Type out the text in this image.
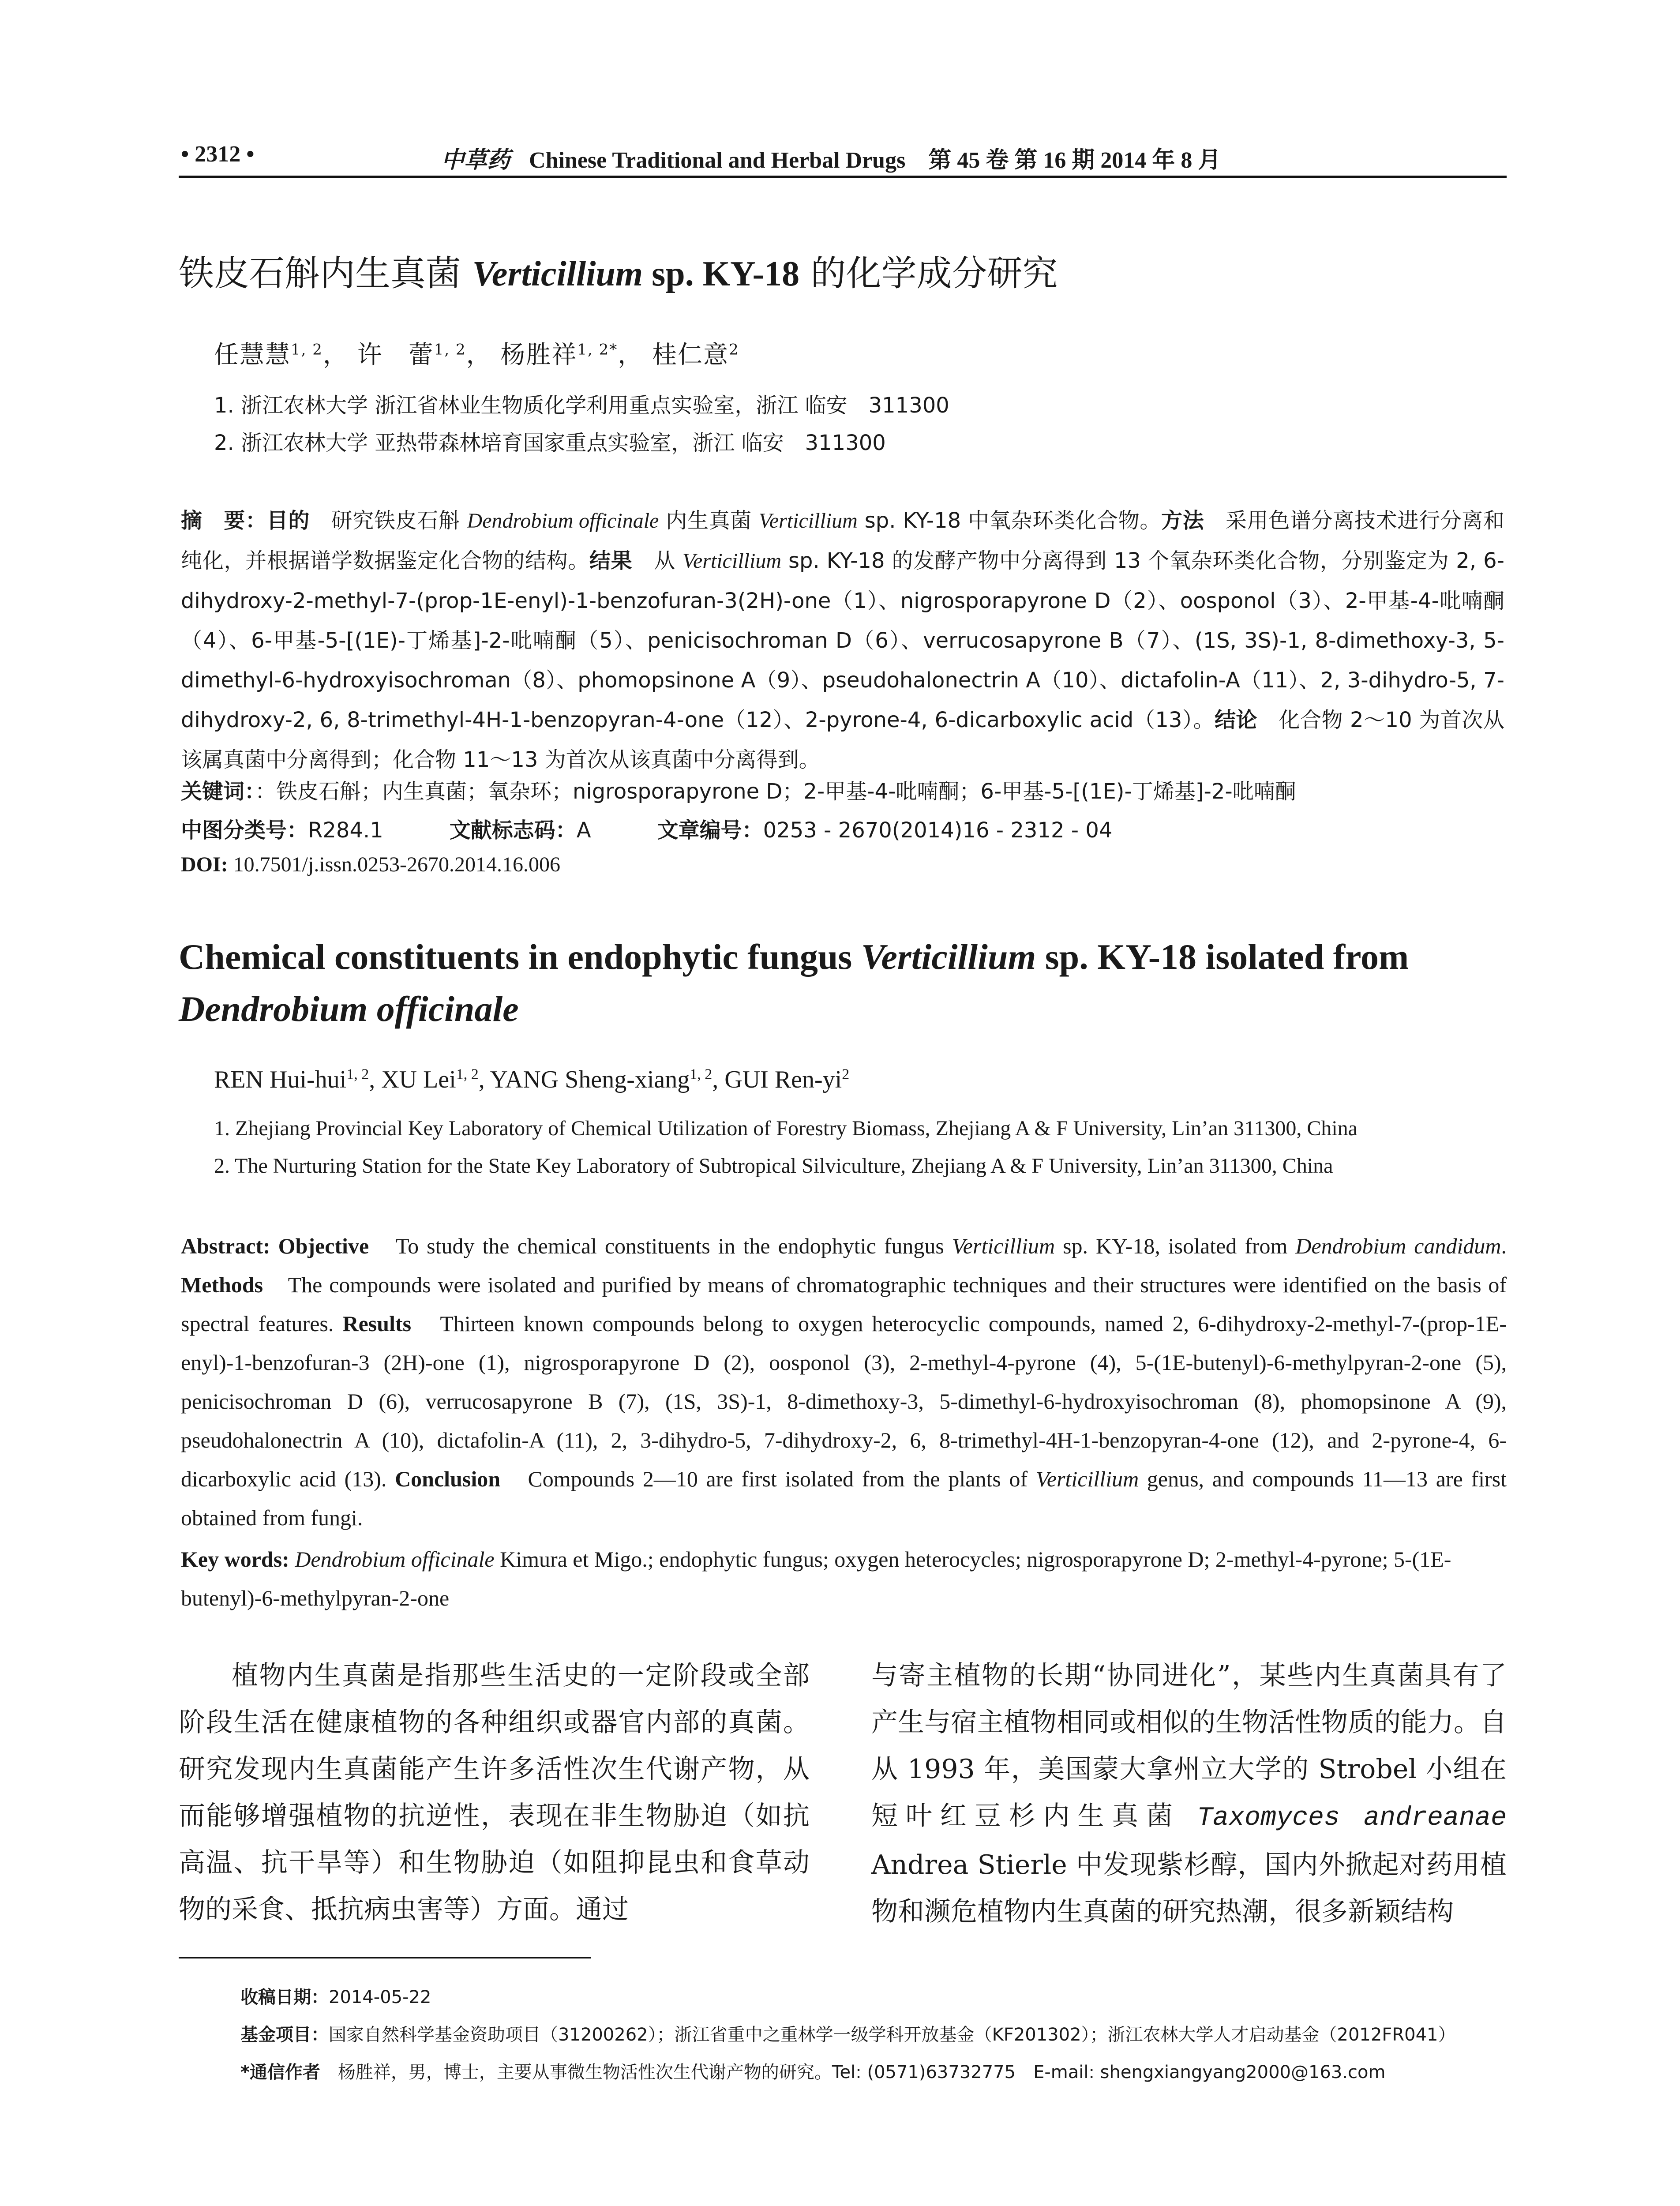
• 2312 •	中草药 Chinese Traditional and Herbal Drugs 第 45 卷 第 16 期 2014 年 8 月
铁皮石斛内生真菌 Verticillium sp. KY-18 的化学成分研究
任慧慧$^{1, 2}$， 许　蕾$^{1, 2}$， 杨胜祥$^{1, 2*}$， 桂仁意$^2$
1. 浙江农林大学 浙江省林业生物质化学利用重点实验室，浙江 临安　311300
2. 浙江农林大学 亚热带森林培育国家重点实验室，浙江 临安　311300
摘　要：目的　研究铁皮石斛 Dendrobium officinale 内生真菌 Verticillium sp. KY-18 中氧杂环类化合物。方法　采用色谱分离技术进行分离和纯化，并根据谱学数据鉴定化合物的结构。结果　从 Verticillium sp. KY-18 的发酵产物中分离得到 13 个氧杂环类化合物，分别鉴定为 2, 6-dihydroxy-2-methyl-7-(prop-1E-enyl)-1-benzofuran-3(2H)-one（1）、nigrosporapyrone D（2）、oosponol（3）、2-甲基-4-吡喃酮（4）、6-甲基-5-[(1E)-丁烯基]-2-吡喃酮（5）、penicisochroman D（6）、verrucosapyrone B（7）、(1S, 3S)-1, 8-dimethoxy-3, 5-dimethyl-6-hydroxyisochroman（8）、phomopsinone A（9）、pseudohalonectrin A（10）、dictafolin-A（11）、2, 3-dihydro-5, 7-dihydroxy-2, 6, 8-trimethyl-4H-1-benzopyran-4-one（12）、2-pyrone-4, 6-dicarboxylic acid（13）。结论　化合物 2～10 为首次从该属真菌中分离得到；化合物 11～13 为首次从该真菌中分离得到。
关键词：：铁皮石斛；内生真菌；氧杂环；nigrosporapyrone D；2-甲基-4-吡喃酮；6-甲基-5-[(1E)-丁烯基]-2-吡喃酮
中图分类号：R284.1	文献标志码：A	文章编号：0253 - 2670(2014)16 - 2312 - 04
DOI: 10.7501/j.issn.0253-2670.2014.16.006
Chemical constituents in endophytic fungus Verticillium sp. KY-18 isolated from Dendrobium officinale
REN Hui-hui$^{1, 2}$, XU Lei$^{1, 2}$, YANG Sheng-xiang$^{1, 2}$, GUI Ren-$yi^2$
1. Zhejiang Provincial Key Laboratory of Chemical Utilization of Forestry Biomass, Zhejiang A & F University, Lin’an 311300, China
2. The Nurturing Station for the State Key Laboratory of Subtropical Silviculture, Zhejiang A & F University, Lin’an 311300, China
Abstract: Objective　To study the chemical constituents in the endophytic fungus Verticillium sp. KY-18, isolated from Dendrobium candidum. Methods　The compounds were isolated and purified by means of chromatographic techniques and their structures were identified on the basis of spectral features. Results　Thirteen known compounds belong to oxygen heterocyclic compounds, named 2, 6-dihydroxy-2-methyl-7-(prop-1E-enyl)-1-benzofuran-3 (2H)-one (1), nigrosporapyrone D (2), oosponol (3), 2-methyl-4-pyrone (4), 5-(1E-butenyl)-6-methylpyran-2-one (5), penicisochroman D (6), verrucosapyrone B (7), (1S, 3S)-1, 8-dimethoxy-3, 5-dimethyl-6-hydroxyisochroman (8), phomopsinone A (9), pseudohalonectrin A (10), dictafolin-A (11), 2, 3-dihydro-5, 7-dihydroxy-2, 6, 8-trimethyl-4H-1-benzopyran-4-one (12), and 2-pyrone-4, 6-dicarboxylic acid (13). Conclusion　Compounds 2—10 are first isolated from the plants of Verticillium genus, and compounds 11—13 are first obtained from fungi.
Key words: Dendrobium officinale Kimura et Migo.; endophytic fungus; oxygen heterocycles; nigrosporapyrone D; 2-methyl-4-pyrone; 5-(1E-butenyl)-6-methylpyran-2-one
植物内生真菌是指那些生活史的一定阶段或全部阶段生活在健康植物的各种组织或器官内部的真菌。研究发现内生真菌能产生许多活性次生代谢产物，从而能够增强植物的抗逆性，表现在非生物胁迫（如抗高温、抗干旱等）和生物胁迫（如阻抑昆虫和食草动物的采食、抵抗病虫害等）方面。通过
与寄主植物的长期“协同进化”，某些内生真菌具有了产生与宿主植物相同或相似的生物活性物质的能力。自从 1993 年，美国蒙大拿州立大学的 Strobel 小组在短叶红豆杉内生真菌 Taxomyces andreanae Andrea Stierle 中发现紫杉醇，国内外掀起对药用植物和濒危植物内生真菌的研究热潮，很多新颖结构
收稿日期：2014-05-22
基金项目：国家自然科学基金资助项目（31200262）；浙江省重中之重林学一级学科开放基金（KF201302）；浙江农林大学人才启动基金（2012FR041）
*通信作者　杨胜祥，男，博士，主要从事微生物活性次生代谢产物的研究。Tel: (0571)63732775　E-mail: shengxiangyang2000@163.com
